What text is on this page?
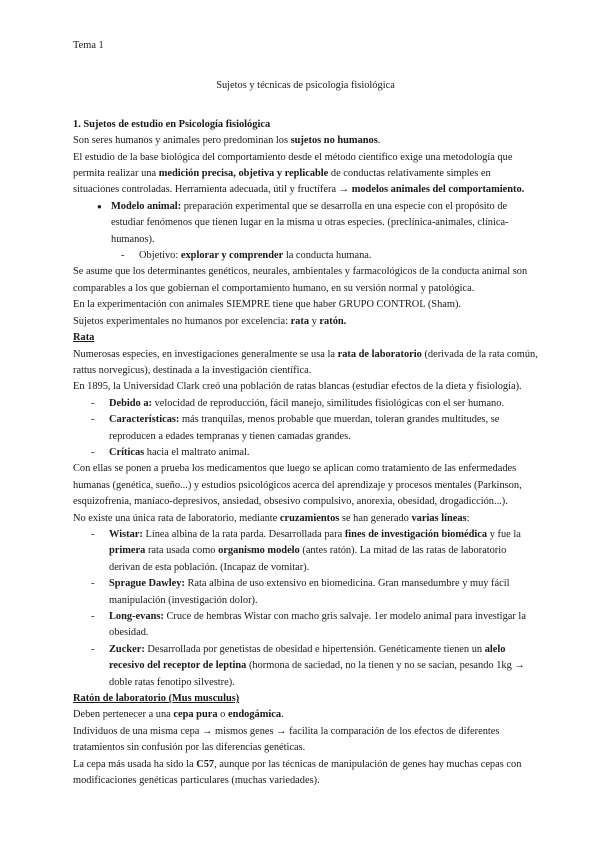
Tema 1
Sujetos y técnicas de psicología fisiológica

1. Sujetos de estudio en Psicología fisiológica

Son seres humanos y animales pero predominan los sujetos no humanos.

El estudio de la base biológica del comportamiento desde el método científico exige una metodología que permita realizar una medición precisa, objetiva y replicable de conductas relativamente simples en situaciones controladas. Herramienta adecuada, útil y fructífera → modelos animales del comportamiento.

● Modelo animal: preparación experimental que se desarrolla en una especie con el propósito de estudiar fenómenos que tienen lugar en la misma u otras especies. (preclínica-animales, clínica-humanos).
- Objetivo: explorar y comprender la conducta humana.

Se asume que los determinantes genéticos, neurales, ambientales y farmacológicos de la conducta animal son comparables a los que gobiernan el comportamiento humano, en su versión normal y patológica.

En la experimentación con animales SIEMPRE tiene que haber GRUPO CONTROL (Sham).

Sujetos experimentales no humanos por excelencia: rata y ratón.

Rata

Numerosas especies, en investigaciones generalmente se usa la rata de laboratorio (derivada de la rata común, rattus norvegicus), destinada a la investigación científica.

En 1895, la Universidad Clark creó una población de ratas blancas (estudiar efectos de la dieta y fisiología).

- Debido a: velocidad de reproducción, fácil manejo, similitudes fisiológicas con el ser humano.
- Características: más tranquilas, menos probable que muerdan, toleran grandes multitudes, se reproducen a edades tempranas y tienen camadas grandes.
- Críticas hacia el maltrato animal.

Con ellas se ponen a prueba los medicamentos que luego se aplican como tratamiento de las enfermedades humanas (genética, sueño...) y estudios psicológicos acerca del aprendizaje y procesos mentales (Parkinson, esquizofrenia, maníaco-depresivos, ansiedad, obsesivo compulsivo, anorexia, obesidad, drogadicción...).

No existe una única rata de laboratorio, mediante cruzamientos se han generado varias líneas:

- Wistar: Línea albina de la rata parda. Desarrollada para fines de investigación biomédica y fue la primera rata usada como organismo modelo (antes ratón). La mitad de las ratas de laboratorio derivan de esta población. (Incapaz de vomitar).
- Sprague Dawley: Rata albina de uso extensivo en biomedicina. Gran mansedumbre y muy fácil manipulación (investigación dolor).
- Long-evans: Cruce de hembras Wistar con macho gris salvaje. 1er modelo animal para investigar la obesidad.
- Zucker: Desarrollada por genetistas de obesidad e hipertensión. Genéticamente tienen un alelo recesivo del receptor de leptina (hormona de saciedad, no la tienen y no se sacian, pesando 1kg → doble ratas fenotipo silvestre).

Ratón de laboratorio (Mus musculus)

Deben pertenecer a una cepa pura o endogámica.

Individuos de una misma cepa → mismos genes → facilita la comparación de los efectos de diferentes tratamientos sin confusión por las diferencias genéticas.

La cepa más usada ha sido la C57, aunque por las técnicas de manipulación de genes hay muchas cepas con modificaciones genéticas particulares (muchas variedades).
